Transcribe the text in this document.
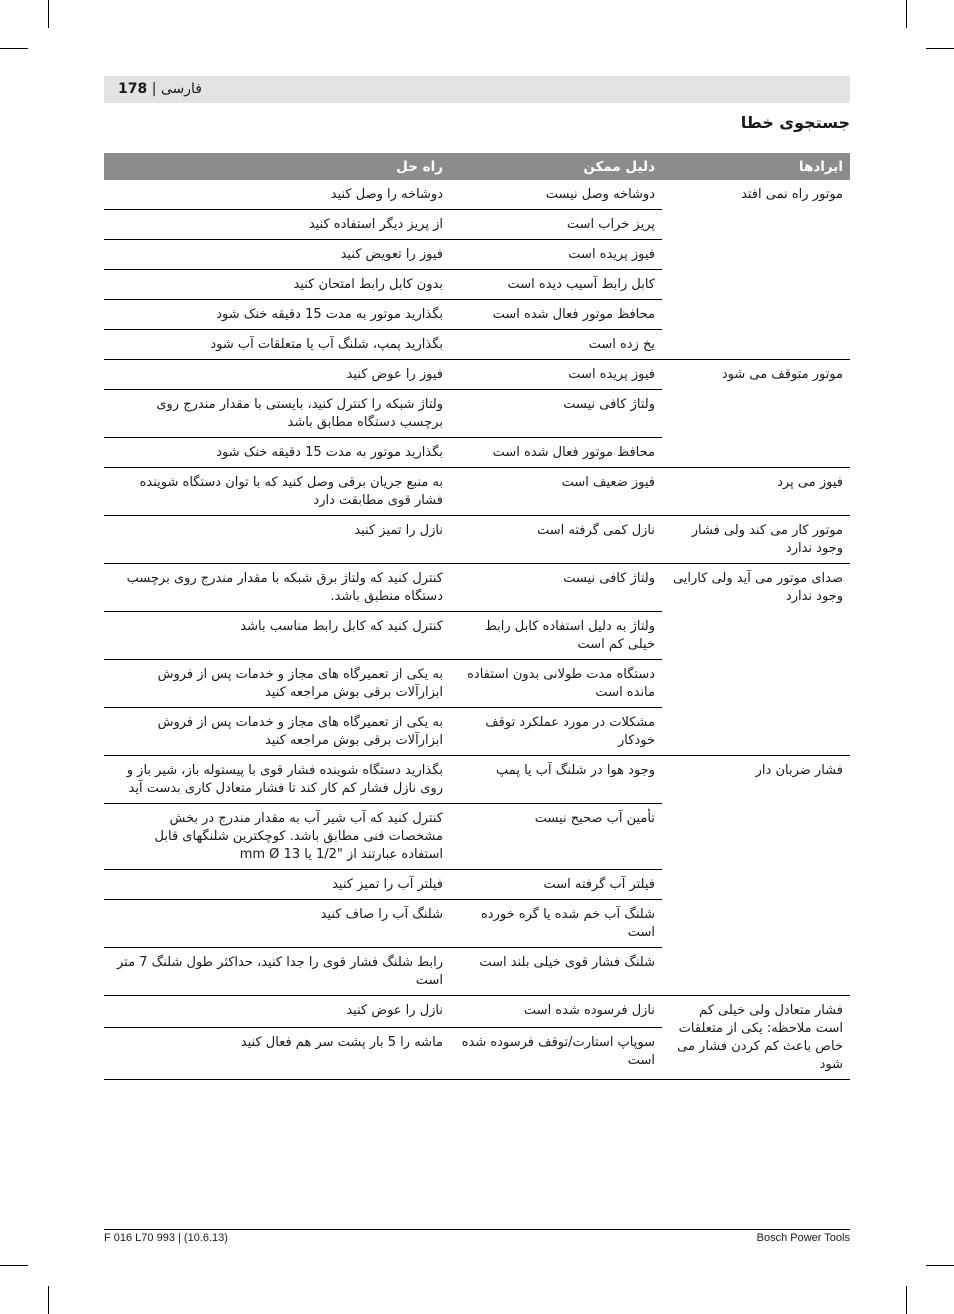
178 | فارسی
جستجوی خطا
ایرادها	دلیل ممکن	راه حل
موتور راه نمی افتد	دوشاخه وصل نیست	دوشاخه را وصل کنید
	پریز خراب است	از پریز دیگر استفاده کنید
	فیوز پریده است	فیوز را تعویض کنید
	کابل رابط آسیب دیده است	بدون کابل رابط امتحان کنید
	محافظ موتور فعال شده است	بگذارید موتور به مدت 15 دقیقه خنک شود
	یخ زده است	بگذارید پمپ، شلنگ آب یا متعلقات آب شود
موتور متوقف می شود	فیوز پریده است	فیوز را عوض کنید
	ولتاژ کافی نیست	ولتاژ شبکه را کنترل کنید، بایستی با مقدار مندرج روی برچسب دستگاه مطابق باشد
	محافظ موتور فعال شده است	بگذارید موتور به مدت 15 دقیقه خنک شود
فیوز می پرد	فیوز ضعیف است	به منبع جریان برقی وصل کنید که با توان دستگاه شوینده فشار قوی مطابقت دارد
موتور کار می کند ولی فشار وجود ندارد	نازل کمی گرفته است	نازل را تمیز کنید
صدای موتور می آید ولی کارایی وجود ندارد	ولتاژ کافی نیست	کنترل کنید که ولتاژ برق شبکه با مقدار مندرج روی برچسب دستگاه منطبق باشد.
	ولتاژ به دلیل استفاده کابل رابط خیلی کم است	کنترل کنید که کابل رابط مناسب باشد
	دستگاه مدت طولانی بدون استفاده مانده است	به یکی از تعمیرگاه های مجاز و خدمات پس از فروش ابزارآلات برقی بوش مراجعه کنید
	مشکلات در مورد عملکرد توقف خودکار	به یکی از تعمیرگاه های مجاز و خدمات پس از فروش ابزارآلات برقی بوش مراجعه کنید
فشار ضربان دار	وجود هوا در شلنگ آب یا پمپ	بگذارید دستگاه شوینده فشار قوی با پیستوله باز، شیر باز و روی نازل فشار کم کار کند تا فشار متعادل کاری بدست آید
	تأمین آب صحیح نیست	کنترل کنید که آب شیر آب به مقدار مندرج در بخش مشخصات فنی مطابق باشد. کوچکترین شلنگهای قابل استفاده عبارتند از "1/2 یا 13 mm Ø
	فیلتر آب گرفته است	فیلتر آب را تمیز کنید
	شلنگ آب خم شده یا گره خورده است	شلنگ آب را صاف کنید
	شلنگ فشار قوی خیلی بلند است	رابط شلنگ فشار قوی را جدا کنید، حداکثر طول شلنگ 7 متر است
فشار متعادل ولی خیلی کم است ملاحظه: یکی از متعلقات خاص باعث کم کردن فشار می شود	نازل فرسوده شده است	نازل را عوض کنید
	سوپاپ استارت/توقف فرسوده شده است	ماشه را 5 بار پشت سر هم فعال کنید
F 016 L70 993 | (10.6.13)	Bosch Power Tools
